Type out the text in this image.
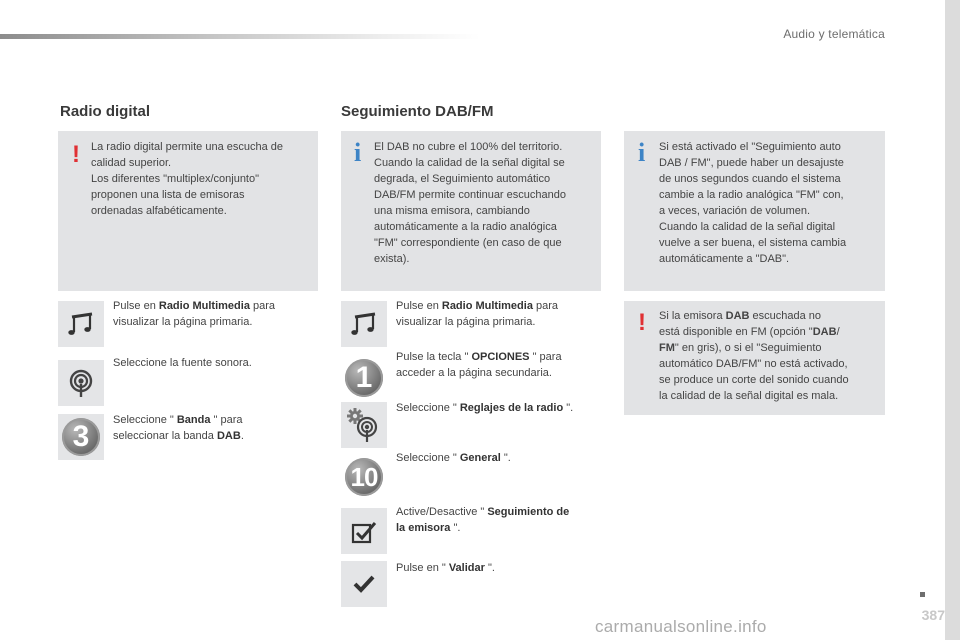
Audio y telemática
Radio digital
! La radio digital permite una escucha de

calidad superior.

Los diferentes "multiplex/conjunto"

proponen una lista de emisoras

ordenadas alfabéticamente.

Pulse en Radio Multimedia para
visualizar la página primaria.
Seleccione la fuente sonora.
3	Seleccione " Banda " para
seleccionar la banda DAB.
Seguimiento DAB/FM
i El DAB no cubre el 100% del territorio.

Cuando la calidad de la señal digital se

degrada, el Seguimiento automático

DAB/FM permite continuar escuchando

una misma emisora, cambiando

automáticamente a la radio analógica

"FM" correspondiente (en caso de que

exista).

Pulse en Radio Multimedia para
visualizar la página primaria.
1
Pulse la tecla " OPCIONES " para
acceder a la página secundaria.
Seleccione " Reglajes de la radio ".
10
Seleccione " General ".
Active/Desactive " Seguimiento de
la emisora ".
Pulse en " Validar ".
i Si está activado el "Seguimiento auto

DAB / FM", puede haber un desajuste

de unos segundos cuando el sistema

cambie a la radio analógica "FM" con,

a veces, variación de volumen.

Cuando la calidad de la señal digital

vuelve a ser buena, el sistema cambia

automáticamente a "DAB".

! Si la emisora DAB escuchada no

está disponible en FM (opción "DAB/

FM" en gris), o si el "Seguimiento

automático DAB/FM" no está activado,

se produce un corte del sonido cuando

la calidad de la señal digital es mala.

387
carmanualsonline.info
